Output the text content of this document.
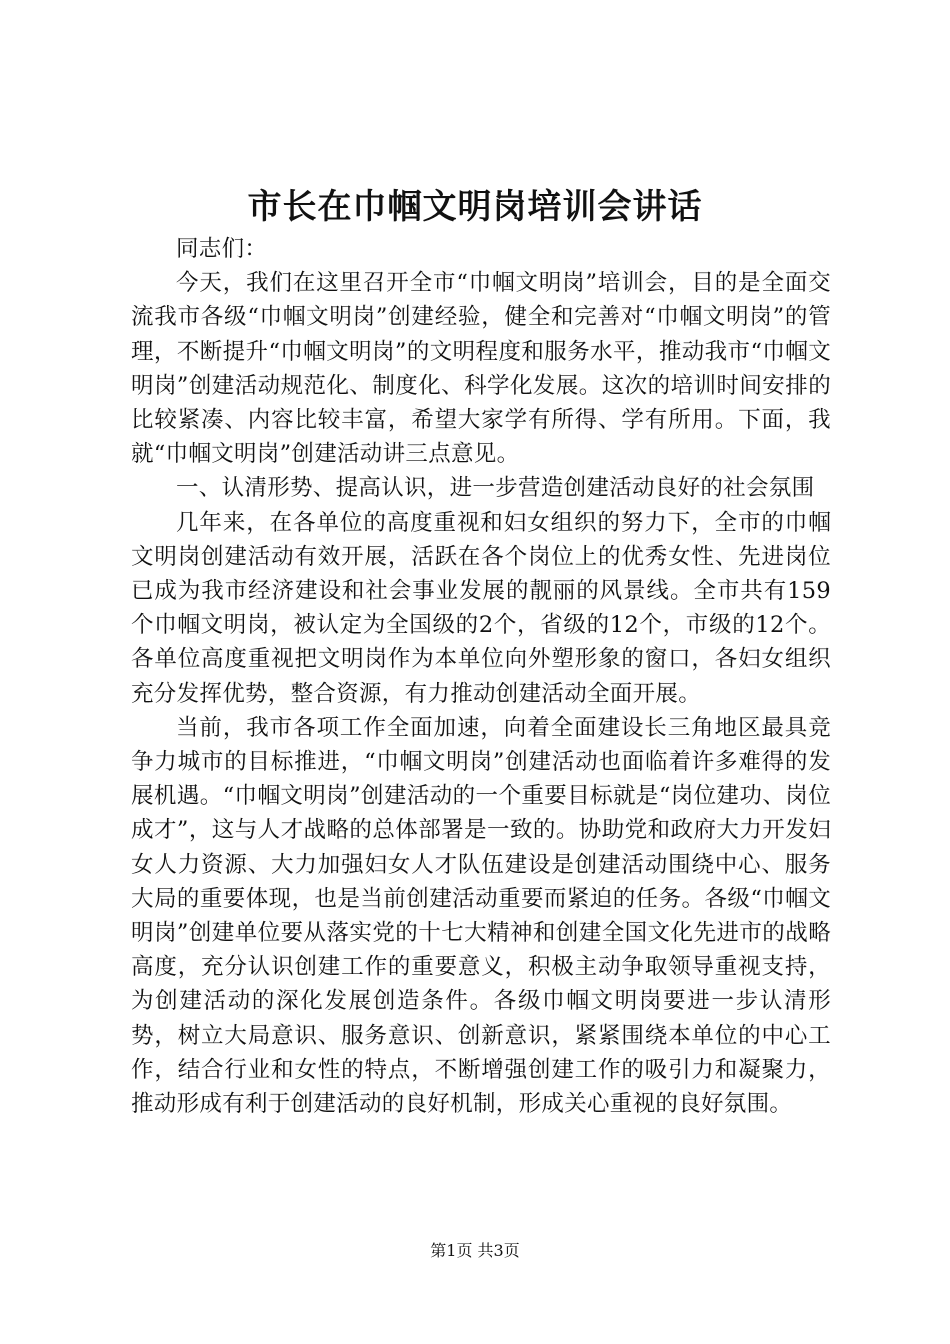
市长在巾帼文明岗培训会讲话

同志们：

今天，我们在这里召开全市“巾帼文明岗”培训会，目的是全面交流我市各级“巾帼文明岗”创建经验，健全和完善对“巾帼文明岗”的管理，不断提升“巾帼文明岗”的文明程度和服务水平，推动我市“巾帼文明岗”创建活动规范化、制度化、科学化发展。这次的培训时间安排的比较紧凑、内容比较丰富，希望大家学有所得、学有所用。下面，我就“巾帼文明岗”创建活动讲三点意见。

一、认清形势、提高认识，进一步营造创建活动良好的社会氛围

几年来，在各单位的高度重视和妇女组织的努力下，全市的巾帼文明岗创建活动有效开展，活跃在各个岗位上的优秀女性、先进岗位已成为我市经济建设和社会事业发展的靓丽的风景线。全市共有159个巾帼文明岗，被认定为全国级的2个，省级的12个，市级的12个。各单位高度重视把文明岗作为本单位向外塑形象的窗口，各妇女组织充分发挥优势，整合资源，有力推动创建活动全面开展。

当前，我市各项工作全面加速，向着全面建设长三角地区最具竞争力城市的目标推进，“巾帼文明岗”创建活动也面临着许多难得的发展机遇。“巾帼文明岗”创建活动的一个重要目标就是“岗位建功、岗位成才”，这与人才战略的总体部署是一致的。协助党和政府大力开发妇女人力资源、大力加强妇女人才队伍建设是创建活动围绕中心、服务大局的重要体现，也是当前创建活动重要而紧迫的任务。各级“巾帼文明岗”创建单位要从落实党的十七大精神和创建全国文化先进市的战略高度，充分认识创建工作的重要意义，积极主动争取领导重视支持，为创建活动的深化发展创造条件。各级巾帼文明岗要进一步认清形势，树立大局意识、服务意识、创新意识，紧紧围绕本单位的中心工作，结合行业和女性的特点，不断增强创建工作的吸引力和凝聚力，推动形成有利于创建活动的良好机制，形成关心重视的良好氛围。

第1页 共3页
